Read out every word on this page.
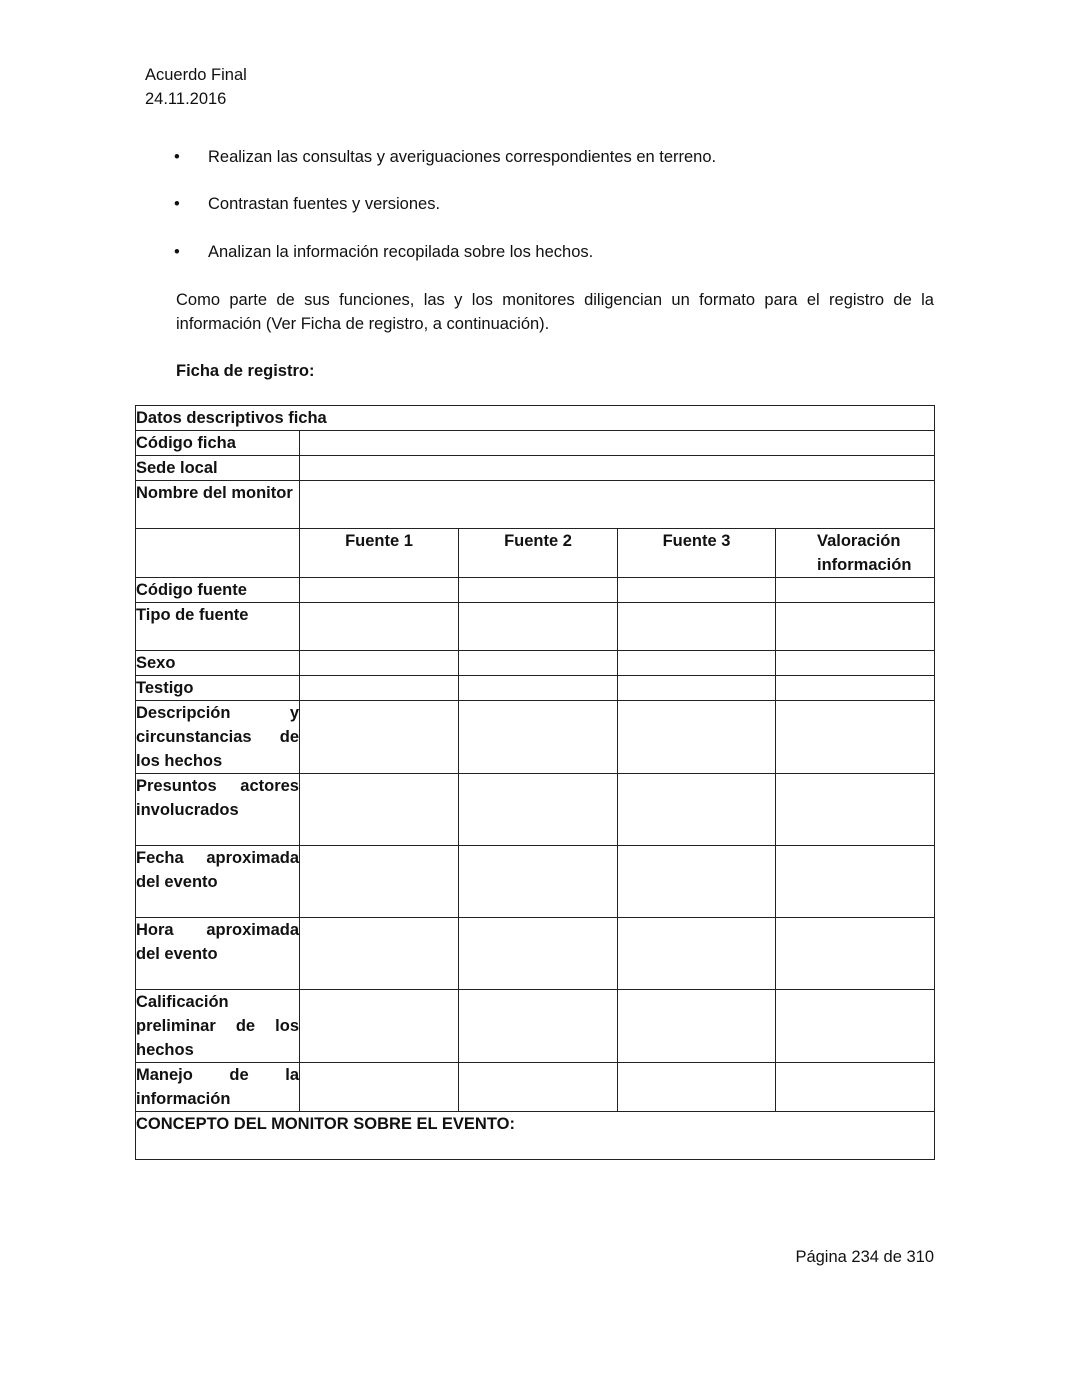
Acuerdo Final
24.11.2016
• Realizan las consultas y averiguaciones correspondientes en terreno.
• Contrastan fuentes y versiones.
• Analizan la información recopilada sobre los hechos.
Como parte de sus funciones, las y los monitores diligencian un formato para el registro de la información (Ver Ficha de registro, a continuación).
Ficha de registro:
Datos descriptivos ficha				
Código ficha				
Sede local				
Nombre del monitor				
	Fuente 1	Fuente 2	Fuente 3	Valoración información
Código fuente				
Tipo de fuente				
Sexo				
Testigo				
Descripción y circunstancias de los hechos				
Presuntos actores involucrados				
Fecha aproximada del evento				
Hora aproximada del evento				
Calificación preliminar de los hechos				
Manejo de la información				
CONCEPTO DEL MONITOR SOBRE EL EVENTO:				
Página 234 de 310
